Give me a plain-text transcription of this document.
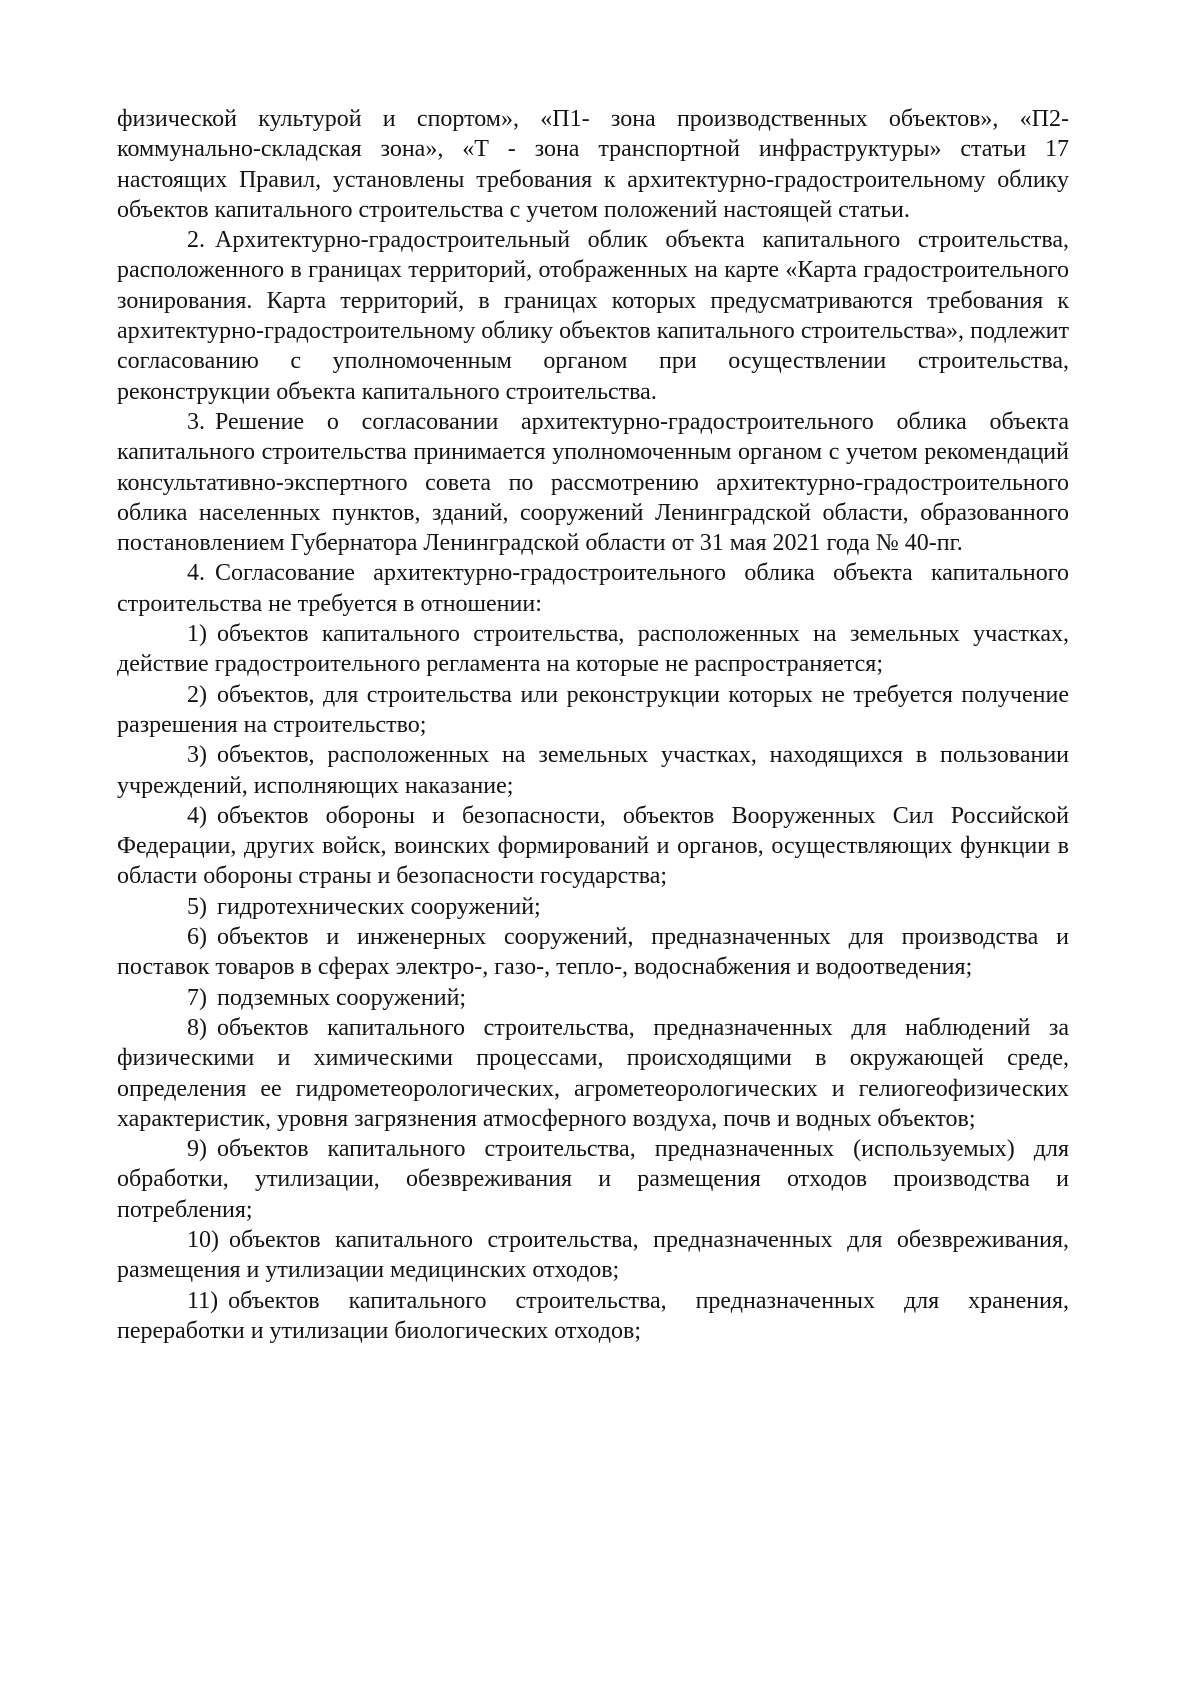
физической культурой и спортом», «П1- зона производственных объектов», «П2-коммунально-складская зона», «Т - зона транспортной инфраструктуры» статьи 17 настоящих Правил, установлены требования к архитектурно-градостроительному облику объектов капитального строительства с учетом положений настоящей статьи.

2. Архитектурно-градостроительный облик объекта капитального строительства, расположенного в границах территорий, отображенных на карте «Карта градостроительного зонирования. Карта территорий, в границах которых предусматриваются требования к архитектурно-градостроительному облику объектов капитального строительства», подлежит согласованию с уполномоченным органом при осуществлении строительства, реконструкции объекта капитального строительства.

3. Решение о согласовании архитектурно-градостроительного облика объекта капитального строительства принимается уполномоченным органом с учетом рекомендаций консультативно-экспертного совета по рассмотрению архитектурно-градостроительного облика населенных пунктов, зданий, сооружений Ленинградской области, образованного постановлением Губернатора Ленинградской области от 31 мая 2021 года № 40-пг.

4. Согласование архитектурно-градостроительного облика объекта капитального строительства не требуется в отношении:

1) объектов капитального строительства, расположенных на земельных участках, действие градостроительного регламента на которые не распространяется;

2) объектов, для строительства или реконструкции которых не требуется получение разрешения на строительство;

3) объектов, расположенных на земельных участках, находящихся в пользовании учреждений, исполняющих наказание;

4) объектов обороны и безопасности, объектов Вооруженных Сил Российской Федерации, других войск, воинских формирований и органов, осуществляющих функции в области обороны страны и безопасности государства;

5) гидротехнических сооружений;

6) объектов и инженерных сооружений, предназначенных для производства и поставок товаров в сферах электро-, газо-, тепло-, водоснабжения и водоотведения;

7) подземных сооружений;

8) объектов капитального строительства, предназначенных для наблюдений за физическими и химическими процессами, происходящими в окружающей среде, определения ее гидрометеорологических, агрометеорологических и гелиогеофизических характеристик, уровня загрязнения атмосферного воздуха, почв и водных объектов;

9) объектов капитального строительства, предназначенных (используемых) для обработки, утилизации, обезвреживания и размещения отходов производства и потребления;

10) объектов капитального строительства, предназначенных для обезвреживания, размещения и утилизации медицинских отходов;

11) объектов капитального строительства, предназначенных для хранения, переработки и утилизации биологических отходов;
